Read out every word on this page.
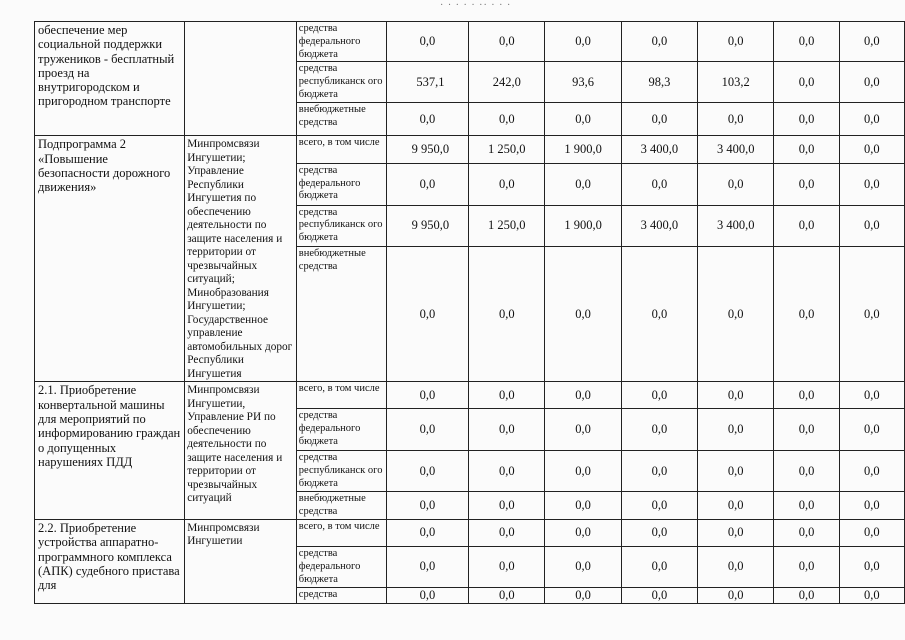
· · · · · ·· · · ·
обеспечение мер социальной поддержки тружеников - бесплатный проезд на внутригородском и пригородном транспорте		средства федерального бюджета	0,0	0,0	0,0	0,0	0,0	0,0	0,0
		средства республиканск ого бюджета	537,1	242,0	93,6	98,3	103,2	0,0	0,0
		внебюджетные средства	0,0	0,0	0,0	0,0	0,0	0,0	0,0
Подпрограмма 2 «Повышение безопасности дорожного движения»	Минпромсвязи Ингушетии; Управление Республики Ингушетия по обеспечению деятельности по защите населения и территории от чрезвычайных ситуаций; Минобразования Ингушетии; Государственное управление автомобильных дорог Республики Ингушетия	всего, в том числе	9 950,0	1 250,0	1 900,0	3 400,0	3 400,0	0,0	0,0
		средства федерального бюджета	0,0	0,0	0,0	0,0	0,0	0,0	0,0
		средства республиканск ого бюджета	9 950,0	1 250,0	1 900,0	3 400,0	3 400,0	0,0	0,0
		внебюджетные средства	0,0	0,0	0,0	0,0	0,0	0,0	0,0
2.1. Приобретение конвертальной машины для мероприятий по информированию граждан о допущенных нарушениях ПДД	Минпромсвязи Ингушетии, Управление РИ по обеспечению деятельности по защите населения и территории от чрезвычайных ситуаций	всего, в том числе	0,0	0,0	0,0	0,0	0,0	0,0	0,0
		средства федерального бюджета	0,0	0,0	0,0	0,0	0,0	0,0	0,0
		средства республиканск ого бюджета	0,0	0,0	0,0	0,0	0,0	0,0	0,0
		внебюджетные средства	0,0	0,0	0,0	0,0	0,0	0,0	0,0
2.2. Приобретение устройства аппаратно-программного комплекса (АПК) судебного пристава для	Минпромсвязи Ингушетии	всего, в том числе	0,0	0,0	0,0	0,0	0,0	0,0	0,0
		средства федерального бюджета	0,0	0,0	0,0	0,0	0,0	0,0	0,0
		средства	0,0	0,0	0,0	0,0	0,0	0,0	0,0
